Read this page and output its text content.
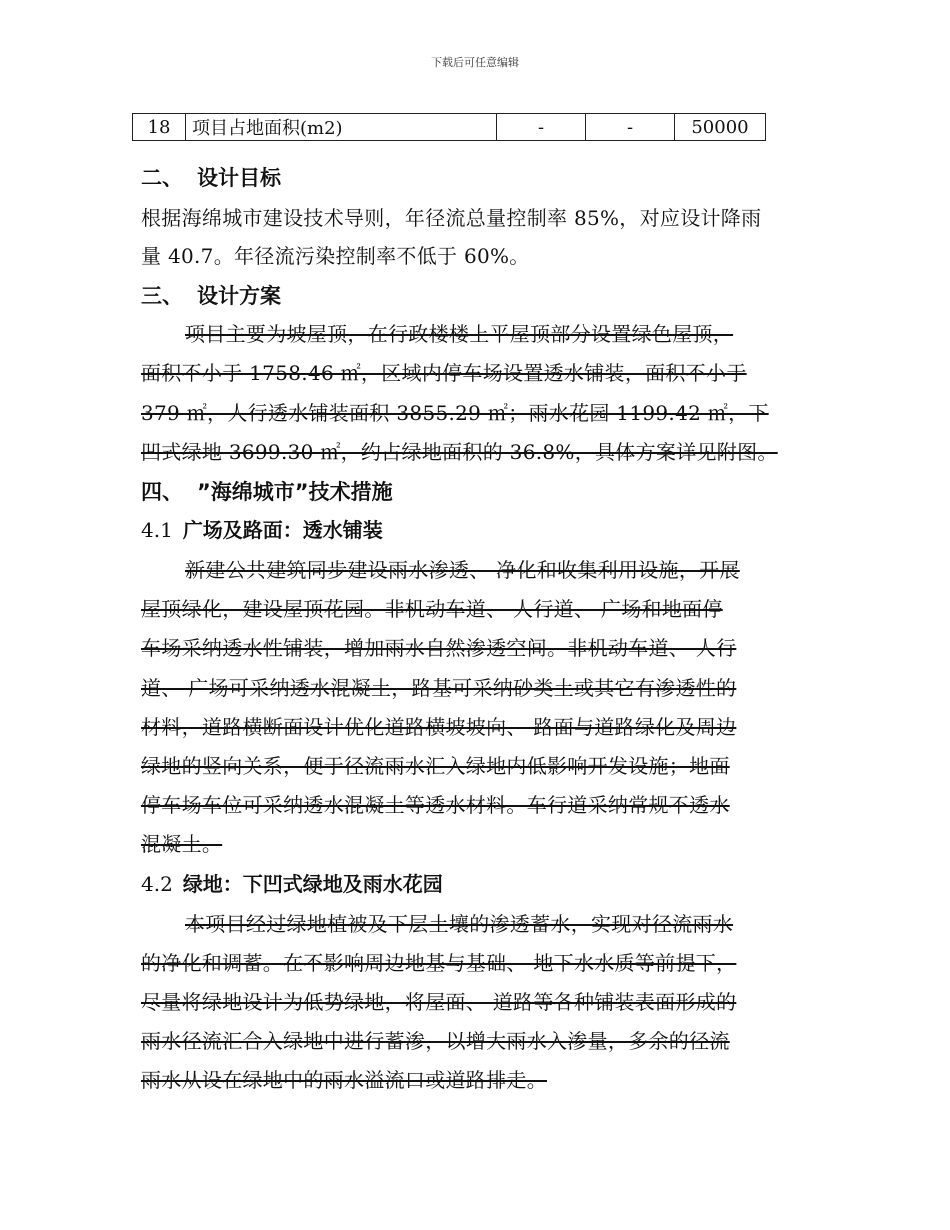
下载后可任意编辑
18	项目占地面积(m2)	-	-	50000
二、 设计目标
根据海绵城市建设技术导则，年径流总量控制率 85%，对应设计降雨
量 40.7。年径流污染控制率不低于 60%。
三、 设计方案
项目主要为坡屋顶，在行政楼楼上平屋顶部分设置绿色屋顶，
面积不小于 1758.46 ㎡，区域内停车场设置透水铺装，面积不小于
379 ㎡，人行透水铺装面积 3855.29 ㎡；雨水花园 1199.42 ㎡，下
凹式绿地 3699.30 ㎡，约占绿地面积的 36.8%，具体方案详见附图。
四、 ”海绵城市”技术措施
4.1 广场及路面：透水铺装
新建公共建筑同步建设雨水渗透、 净化和收集利用设施，开展
屋顶绿化，建设屋顶花园。非机动车道、 人行道、 广场和地面停
车场采纳透水性铺装，增加雨水自然渗透空间。非机动车道、 人行
道、 广场可采纳透水混凝土，路基可采纳砂类土或其它有渗透性的
材料，道路横断面设计优化道路横坡坡向、 路面与道路绿化及周边
绿地的竖向关系，便于径流雨水汇入绿地内低影响开发设施；地面
停车场车位可采纳透水混凝土等透水材料。车行道采纳常规不透水
混凝土。
4.2 绿地：下凹式绿地及雨水花园
本项目经过绿地植被及下层土壤的渗透蓄水，实现对径流雨水
的净化和调蓄。在不影响周边地基与基础、 地下水水质等前提下，
尽量将绿地设计为低势绿地，将屋面、 道路等各种铺装表面形成的
雨水径流汇合入绿地中进行蓄渗，以增大雨水入渗量，多余的径流
雨水从设在绿地中的雨水溢流口或道路排走。
